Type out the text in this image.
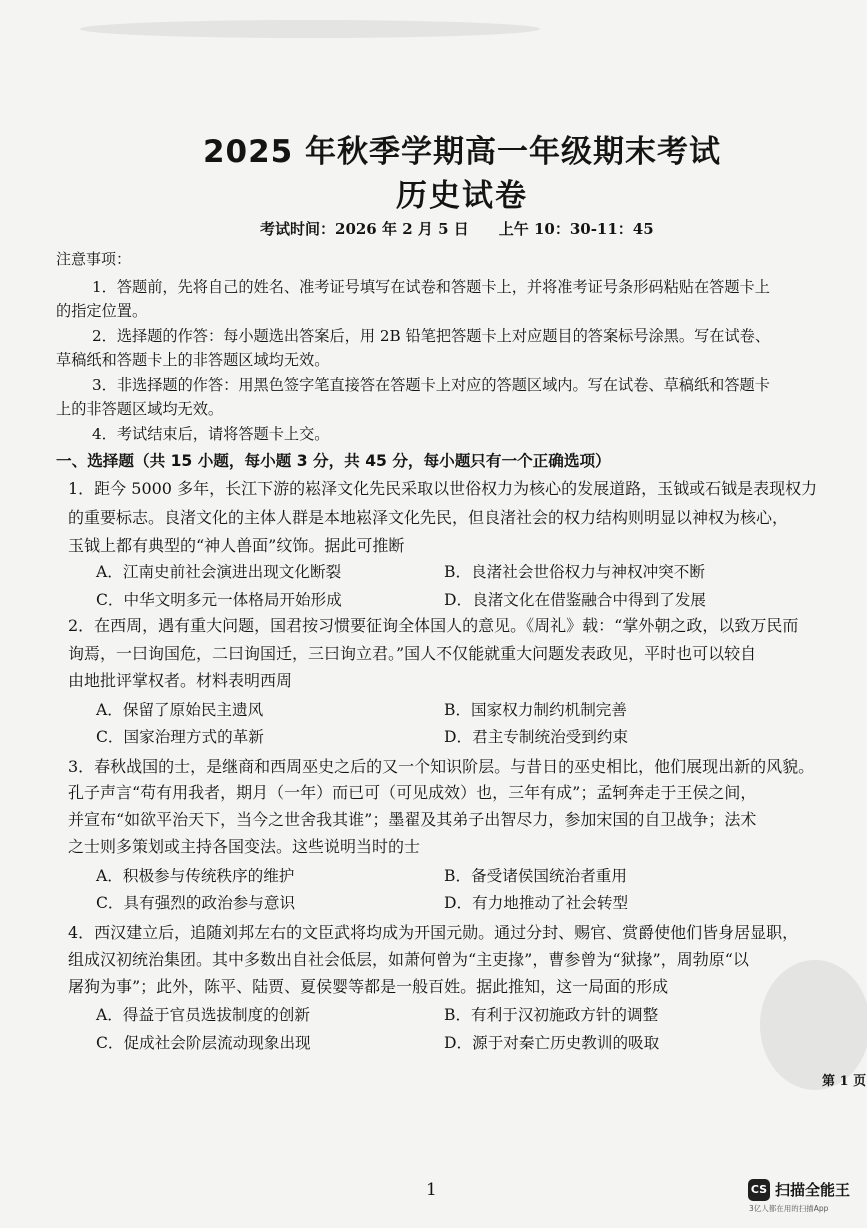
2025 年秋季学期高一年级期末考试
历史试卷
考试时间：2026 年 2 月 5 日　　上午 10：30-11：45
注意事项：
1．答题前，先将自己的姓名、准考证号填写在试卷和答题卡上，并将准考证号条形码粘贴在答题卡上
的指定位置。
2．选择题的作答：每小题选出答案后，用 2B 铅笔把答题卡上对应题目的答案标号涂黑。写在试卷、
草稿纸和答题卡上的非答题区域均无效。
3．非选择题的作答：用黑色签字笔直接答在答题卡上对应的答题区域内。写在试卷、草稿纸和答题卡
上的非答题区域均无效。
4．考试结束后，请将答题卡上交。
一、选择题（共 15 小题，每小题 3 分，共 45 分，每小题只有一个正确选项）
1．距今 5000 多年，长江下游的崧泽文化先民采取以世俗权力为核心的发展道路，玉钺或石钺是表现权力
的重要标志。良渚文化的主体人群是本地崧泽文化先民，但良渚社会的权力结构则明显以神权为核心，
玉钺上都有典型的“神人兽面”纹饰。据此可推断
A．江南史前社会演进出现文化断裂	B．良渚社会世俗权力与神权冲突不断
C．中华文明多元一体格局开始形成	D．良渚文化在借鉴融合中得到了发展
2．在西周，遇有重大问题，国君按习惯要征询全体国人的意见。《周礼》载：“掌外朝之政，以致万民而
询焉，一曰询国危，二曰询国迁，三曰询立君。”国人不仅能就重大问题发表政见，平时也可以较自
由地批评掌权者。材料表明西周
A．保留了原始民主遗风	B．国家权力制约机制完善
C．国家治理方式的革新	D．君主专制统治受到约束
3．春秋战国的士，是继商和西周巫史之后的又一个知识阶层。与昔日的巫史相比，他们展现出新的风貌。
孔子声言“苟有用我者，期月（一年）而已可（可见成效）也，三年有成”；孟轲奔走于王侯之间，
并宣布“如欲平治天下，当今之世舍我其谁”；墨翟及其弟子出智尽力，参加宋国的自卫战争；法术
之士则多策划或主持各国变法。这些说明当时的士
A．积极参与传统秩序的维护	B．备受诸侯国统治者重用
C．具有强烈的政治参与意识	D．有力地推动了社会转型
4．西汉建立后，追随刘邦左右的文臣武将均成为开国元勋。通过分封、赐官、赏爵使他们皆身居显职，
组成汉初统治集团。其中多数出自社会低层，如萧何曾为“主吏掾”，曹参曾为“狱掾”，周勃原“以
屠狗为事”；此外，陈平、陆贾、夏侯婴等都是一般百姓。据此推知，这一局面的形成
A．得益于官员选拔制度的创新	B．有利于汉初施政方针的调整
C．促成社会阶层流动现象出现	D．源于对秦亡历史教训的吸取
第 1 页
1	CS 扫描全能王
3亿人都在用的扫描App
